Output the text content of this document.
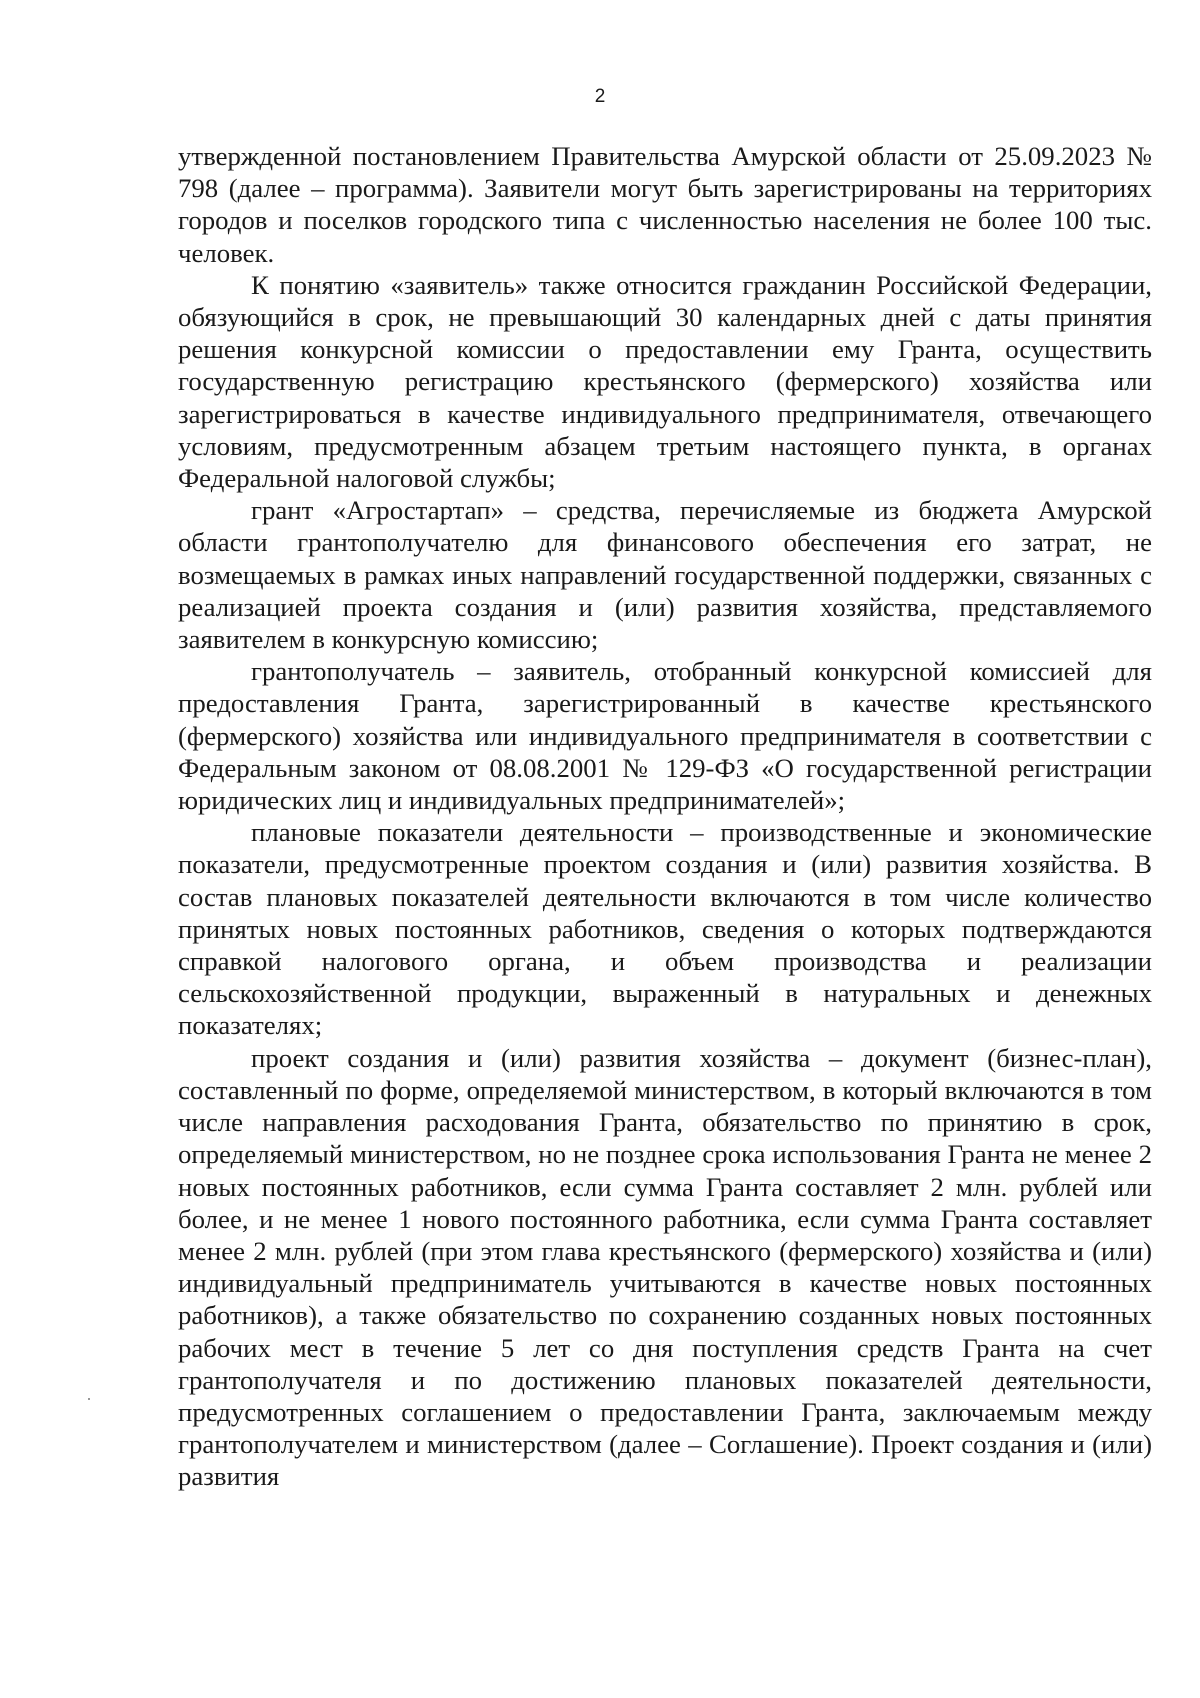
2

утвержденной постановлением Правительства Амурской области от 25.09.2023 № 798 (далее – программа). Заявители могут быть зарегистрированы на территориях городов и поселков городского типа с численностью населения не более 100 тыс. человек.

К понятию «заявитель» также относится гражданин Российской Федерации, обязующийся в срок, не превышающий 30 календарных дней с даты принятия решения конкурсной комиссии о предоставлении ему Гранта, осуществить государственную регистрацию крестьянского (фермерского) хозяйства или зарегистрироваться в качестве индивидуального предпринимателя, отвечающего условиям, предусмотренным абзацем третьим настоящего пункта, в органах Федеральной налоговой службы;

грант «Агростартап» – средства, перечисляемые из бюджета Амурской области грантополучателю для финансового обеспечения его затрат, не возмещаемых в рамках иных направлений государственной поддержки, связанных с реализацией проекта создания и (или) развития хозяйства, представляемого заявителем в конкурсную комиссию;

грантополучатель – заявитель, отобранный конкурсной комиссией для предоставления Гранта, зарегистрированный в качестве крестьянского (фермерского) хозяйства или индивидуального предпринимателя в соответствии с Федеральным законом от 08.08.2001 № 129-ФЗ «О государственной регистрации юридических лиц и индивидуальных предпринимателей»;

плановые показатели деятельности – производственные и экономические показатели, предусмотренные проектом создания и (или) развития хозяйства. В состав плановых показателей деятельности включаются в том числе количество принятых новых постоянных работников, сведения о которых подтверждаются справкой налогового органа, и объем производства и реализации сельскохозяйственной продукции, выраженный в натуральных и денежных показателях;

проект создания и (или) развития хозяйства – документ (бизнес-план), составленный по форме, определяемой министерством, в который включаются в том числе направления расходования Гранта, обязательство по принятию в срок, определяемый министерством, но не позднее срока использования Гранта не менее 2 новых постоянных работников, если сумма Гранта составляет 2 млн. рублей или более, и не менее 1 нового постоянного работника, если сумма Гранта составляет менее 2 млн. рублей (при этом глава крестьянского (фермерского) хозяйства и (или) индивидуальный предприниматель учитываются в качестве новых постоянных работников), а также обязательство по сохранению созданных новых постоянных рабочих мест в течение 5 лет со дня поступления средств Гранта на счет грантополучателя и по достижению плановых показателей деятельности, предусмотренных соглашением о предоставлении Гранта, заключаемым между грантополучателем и министерством (далее – Соглашение). Проект создания и (или) развития
